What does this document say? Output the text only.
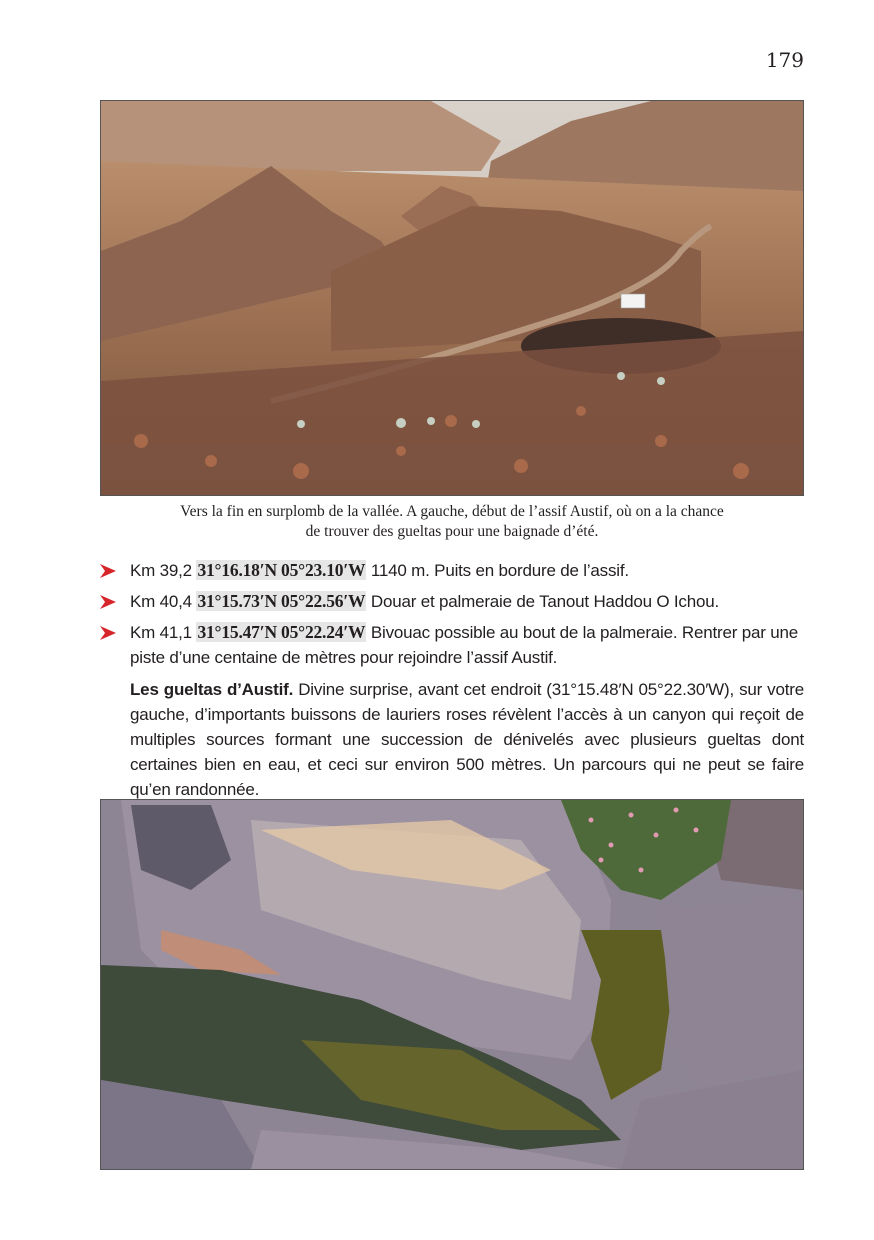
179
Vers la fin en surplomb de la vallée. A gauche, début de l’assif Austif, où on a la chance
de trouver des gueltas pour une baignade d’été.
Km 39,2 31°16.18′N 05°23.10′W 1140 m. Puits en bordure de l’assif.
Km 40,4 31°15.73′N 05°22.56′W Douar et palmeraie de Tanout Haddou O Ichou.
Km 41,1 31°15.47′N 05°22.24′W Bivouac possible au bout de la palmeraie. Rentrer par une piste d’une centaine de mètres pour rejoindre l’assif Austif.

Les gueltas d’Austif. Divine surprise, avant cet endroit (31°15.48′N 05°22.30′W), sur votre gauche, d’importants buissons de lauriers roses révèlent l’accès à un canyon qui reçoit de multiples sources formant une succession de dénivelés avec plusieurs gueltas dont certaines bien en eau, et ceci sur environ 500 mètres. Un parcours qui ne peut se faire qu’en randonnée.
